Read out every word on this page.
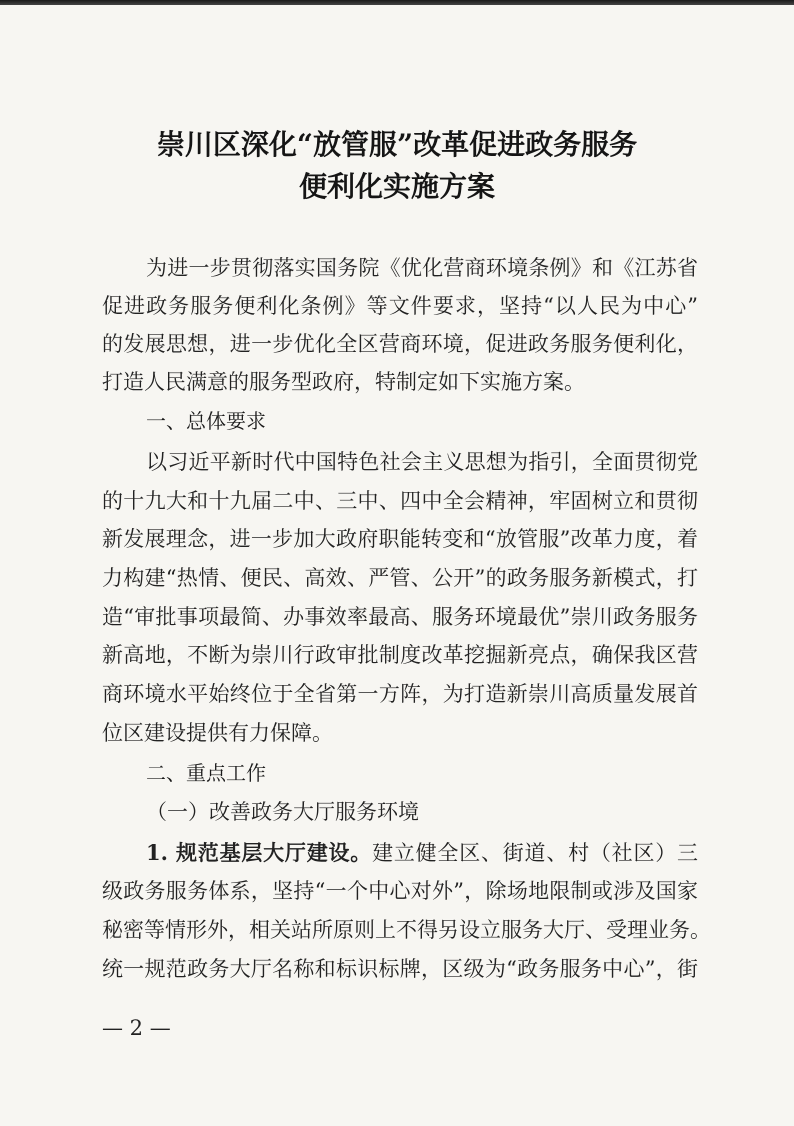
崇川区深化“放管服”改革促进政务服务
便利化实施方案
为进一步贯彻落实国务院《优化营商环境条例》和《江苏省
促进政务服务便利化条例》等文件要求，坚持“以人民为中心”
的发展思想，进一步优化全区营商环境，促进政务服务便利化，
打造人民满意的服务型政府，特制定如下实施方案。
一、总体要求
以习近平新时代中国特色社会主义思想为指引，全面贯彻党
的十九大和十九届二中、三中、四中全会精神，牢固树立和贯彻
新发展理念，进一步加大政府职能转变和“放管服”改革力度，着
力构建“热情、便民、高效、严管、公开”的政务服务新模式，打
造“审批事项最简、办事效率最高、服务环境最优”崇川政务服务
新高地，不断为崇川行政审批制度改革挖掘新亮点，确保我区营
商环境水平始终位于全省第一方阵，为打造新崇川高质量发展首
位区建设提供有力保障。
二、重点工作
（一）改善政务大厅服务环境
1. 规范基层大厅建设。建立健全区、街道、村（社区）三
级政务服务体系，坚持“一个中心对外”，除场地限制或涉及国家
秘密等情形外，相关站所原则上不得另设立服务大厅、受理业务。
统一规范政务大厅名称和标识标牌，区级为“政务服务中心”，街
— 2 —
